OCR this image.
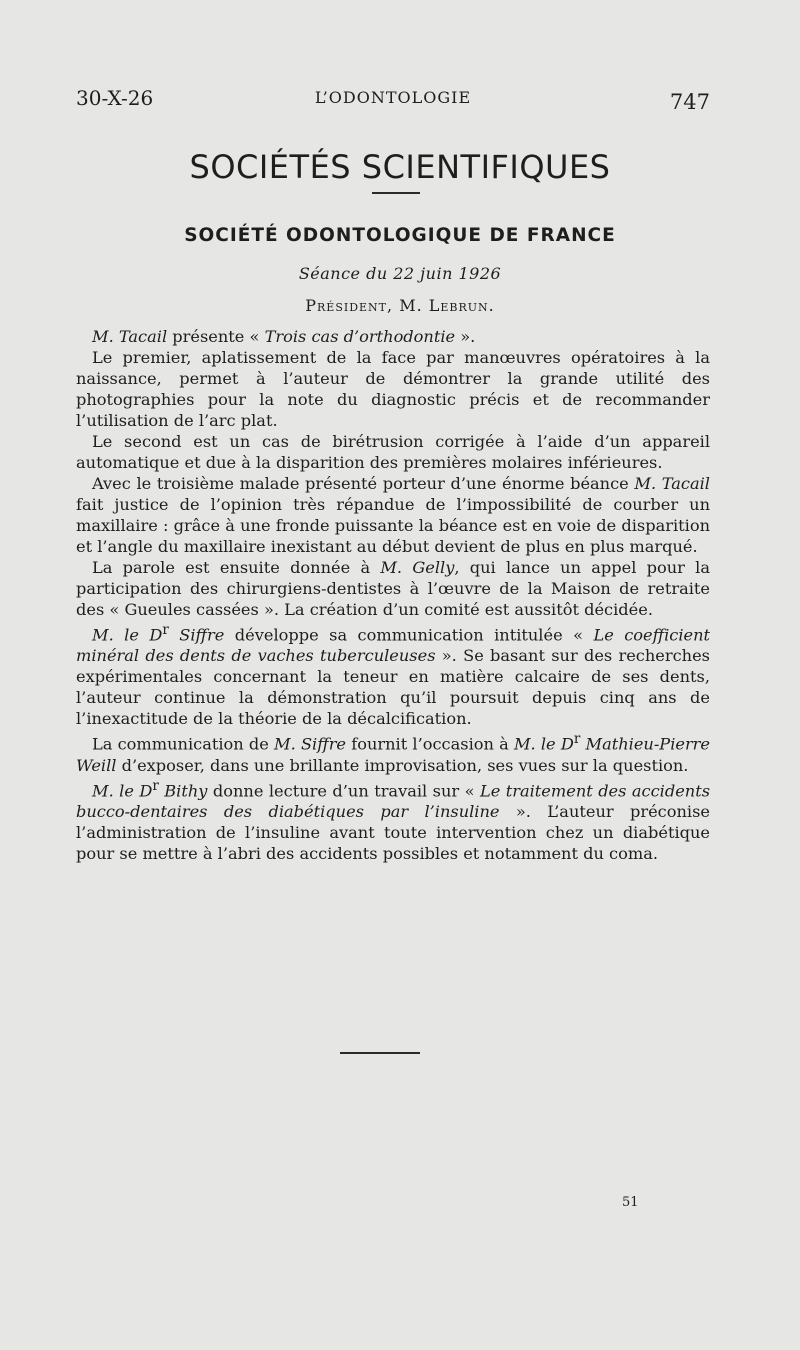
30-X-26	L’ODONTOLOGIE	747
SOCIÉTÉS SCIENTIFIQUES
SOCIÉTÉ ODONTOLOGIQUE DE FRANCE
Séance du 22 juin 1926
Président, M. Lebrun.

M. Tacail présente « Trois cas d’orthodontie ».

Le premier, aplatissement de la face par manœuvres opératoires à la naissance, permet à l’auteur de démontrer la grande utilité des photographies pour la note du diagnostic précis et de recommander l’utilisation de l’arc plat.

Le second est un cas de birétrusion corrigée à l’aide d’un appareil automatique et due à la disparition des premières molaires inférieures.

Avec le troisième malade présenté porteur d’une énorme béance M. Tacail fait justice de l’opinion très répandue de l’impossibilité de courber un maxillaire : grâce à une fronde puissante la béance est en voie de disparition et l’angle du maxillaire inexistant au début devient de plus en plus marqué.

La parole est ensuite donnée à M. Gelly, qui lance un appel pour la participation des chirurgiens-dentistes à l’œuvre de la Maison de retraite des « Gueules cassées ». La création d’un comité est aussitôt décidée.

M. le $D^r$ Siffre développe sa communication intitulée « Le coefficient minéral des dents de vaches tuberculeuses ». Se basant sur des recherches expérimentales concernant la teneur en matière calcaire de ses dents, l’auteur continue la démonstration qu’il poursuit depuis cinq ans de l’inexactitude de la théorie de la décalcification.

La communication de M. Siffre fournit l’occasion à M. le $D^r$ Mathieu-Pierre Weill d’exposer, dans une brillante improvisation, ses vues sur la question.

M. le $D^r$ Bithy donne lecture d’un travail sur « Le traitement des accidents bucco-dentaires des diabétiques par l’insuline ». L’auteur préconise l’administration de l’insuline avant toute intervention chez un diabétique pour se mettre à l’abri des accidents possibles et notamment du coma.

51
